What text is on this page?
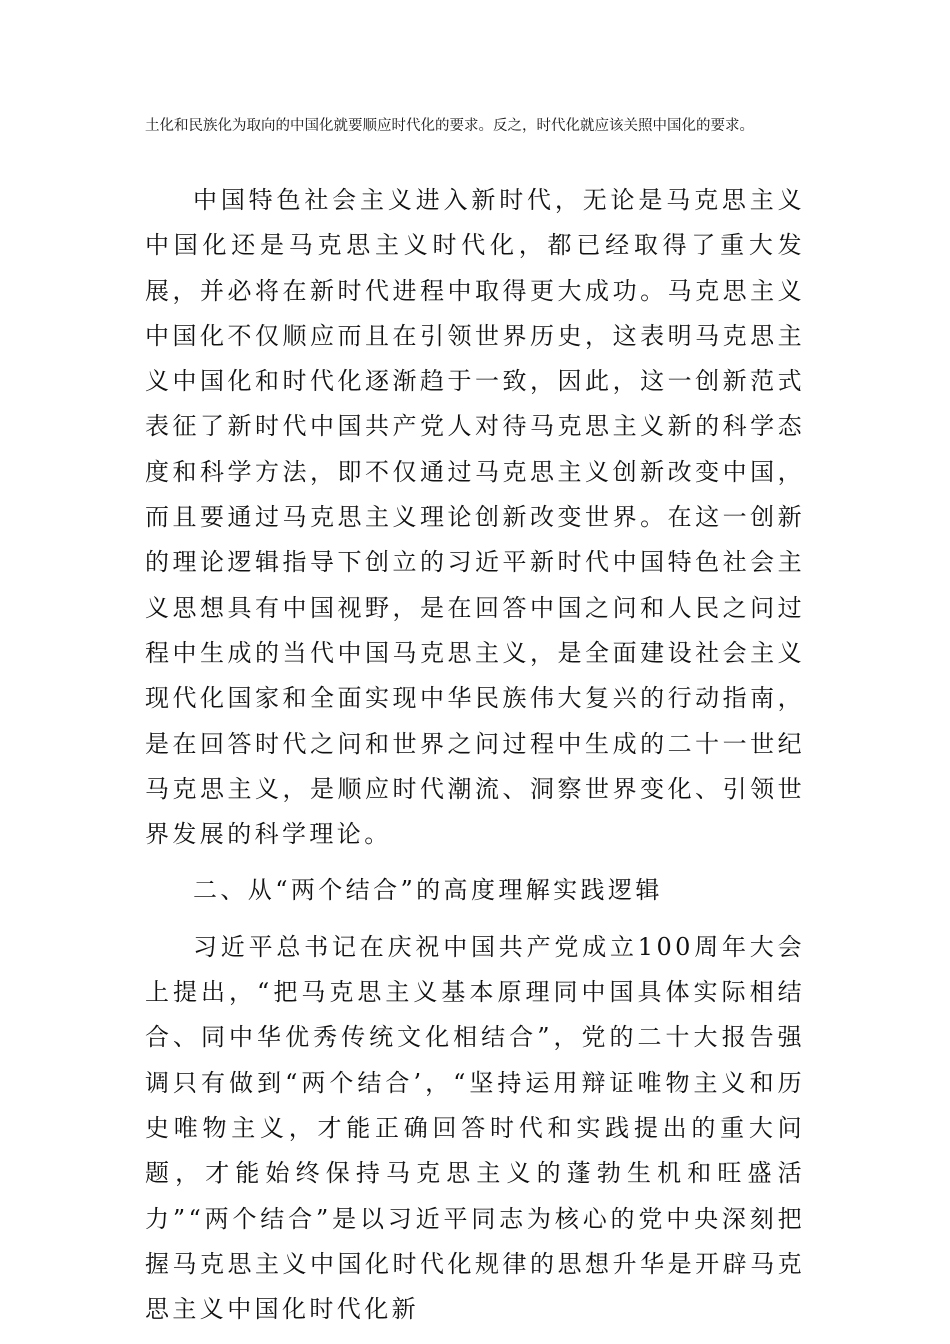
土化和民族化为取向的中国化就要顺应时代化的要求。反之，时代化就应该关照中国化的要求。

中国特色社会主义进入新时代，无论是马克思主义中国化还是马克思主义时代化，都已经取得了重大发展，并必将在新时代进程中取得更大成功。马克思主义中国化不仅顺应而且在引领世界历史，这表明马克思主义中国化和时代化逐渐趋于一致，因此，这一创新范式表征了新时代中国共产党人对待马克思主义新的科学态度和科学方法，即不仅通过马克思主义创新改变中国，而且要通过马克思主义理论创新改变世界。在这一创新的理论逻辑指导下创立的习近平新时代中国特色社会主义思想具有中国视野，是在回答中国之问和人民之问过程中生成的当代中国马克思主义，是全面建设社会主义现代化国家和全面实现中华民族伟大复兴的行动指南，是在回答时代之问和世界之问过程中生成的二十一世纪马克思主义，是顺应时代潮流、洞察世界变化、引领世界发展的科学理论。

二、从“两个结合”的高度理解实践逻辑

习近平总书记在庆祝中国共产党成立100周年大会上提出，“把马克思主义基本原理同中国具体实际相结合、同中华优秀传统文化相结合”，党的二十大报告强调只有做到“两个结合’，“坚持运用辩证唯物主义和历史唯物主义，才能正确回答时代和实践提出的重大问题，才能始终保持马克思主义的蓬勃生机和旺盛活力”“两个结合”是以习近平同志为核心的党中央深刻把握马克思主义中国化时代化规律的思想升华是开辟马克思主义中国化时代化新
